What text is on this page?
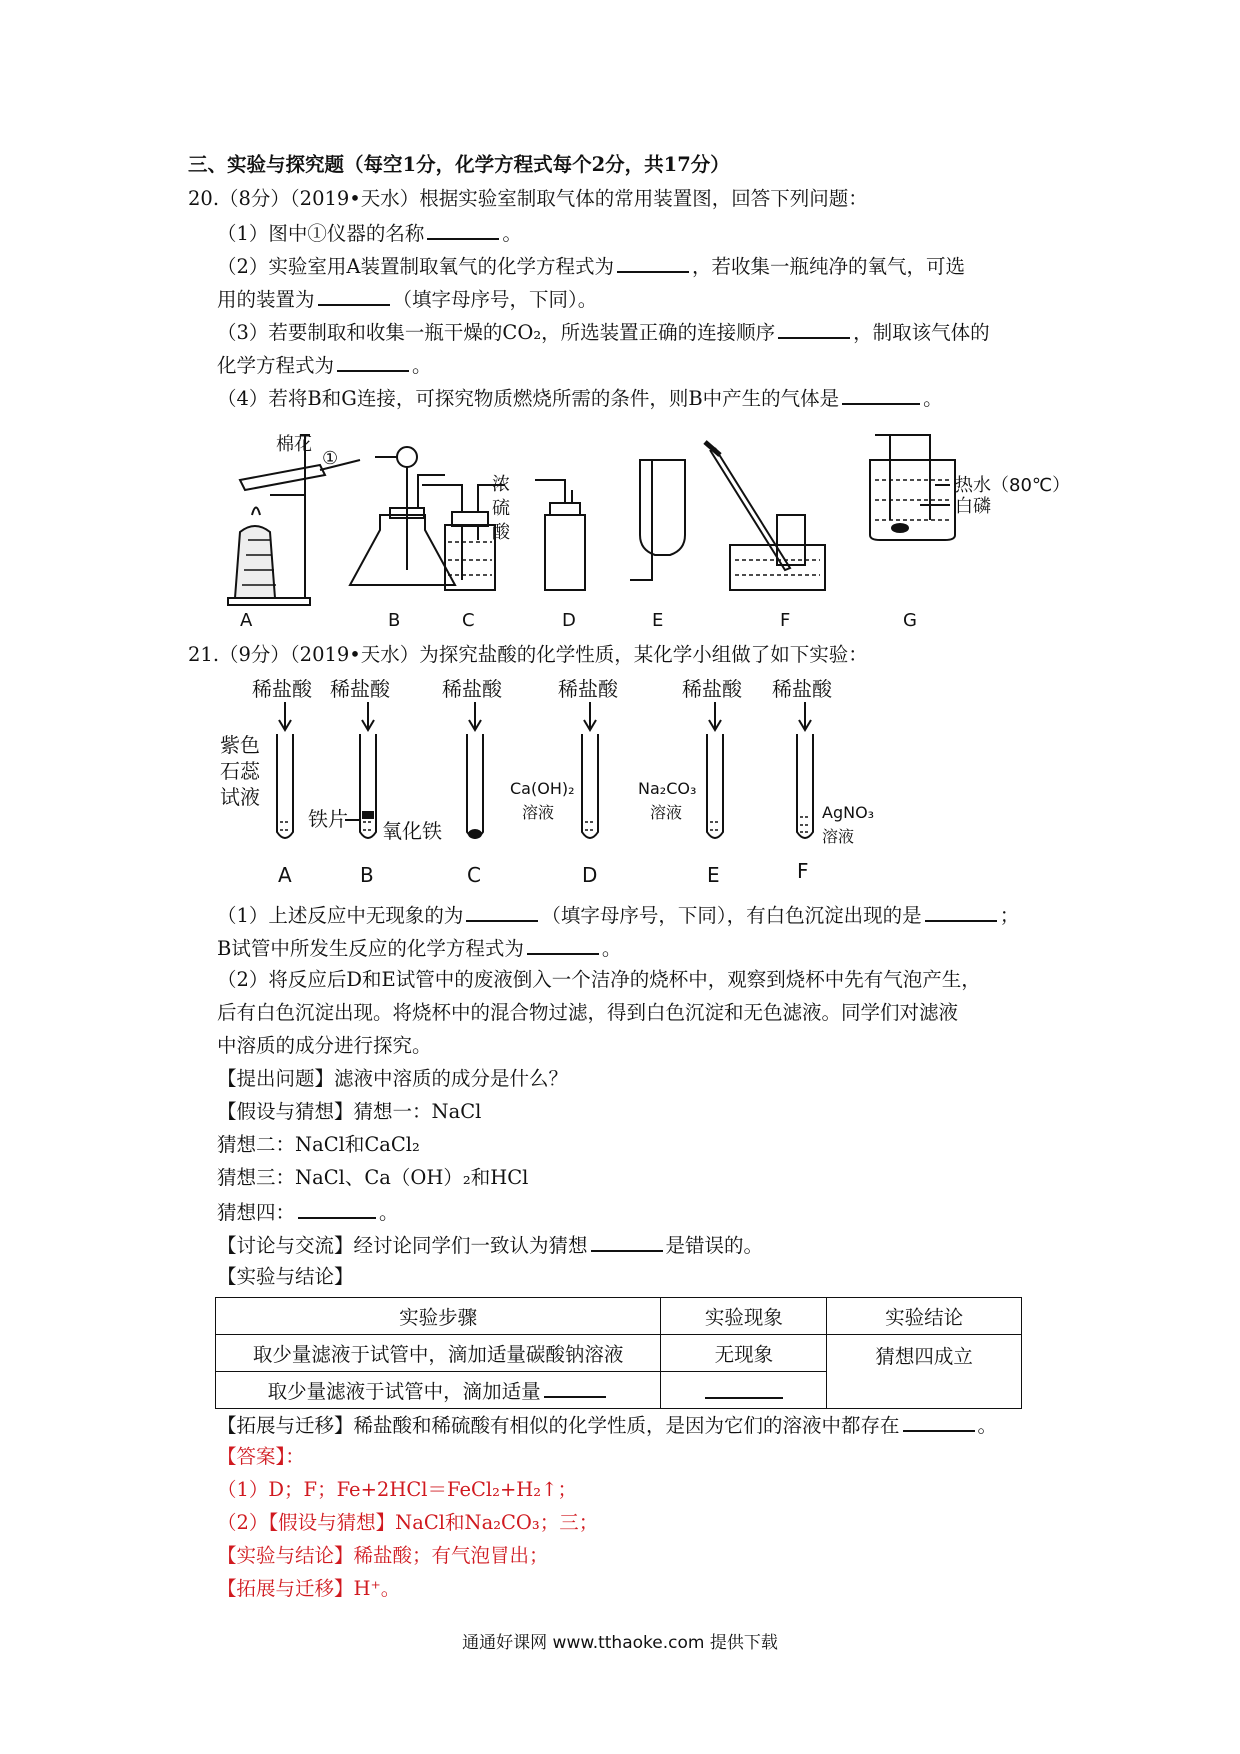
三、实验与探究题（每空1分，化学方程式每个2分，共17分）
20.（8分）（2019•天水）根据实验室制取气体的常用装置图，回答下列问题：
（1）图中①仪器的名称	。
（2）实验室用A装置制取氧气的化学方程式为	，若收集一瓶纯净的氧气，可选
用的装置为	（填字母序号，下同）。
（3）若要制取和收集一瓶干燥的CO₂，所选装置正确的连接顺序	，制取该气体的
化学方程式为	。
（4）若将B和G连接，可探究物质燃烧所需的条件，则B中产生的气体是	。
棉花
①
浓
硫
酸
热水（80℃）
白磷
A	B	C	D	E	F	G
21.（9分）（2019•天水）为探究盐酸的化学性质，某化学小组做了如下实验：
稀盐酸 稀盐酸	稀盐酸	稀盐酸	稀盐酸 稀盐酸
紫色
石蕊
试液
铁片 氧化铁
Ca(OH)₂
溶液
Na₂CO₃
溶液	AgNO₃
溶液
A	B	C	D	E	F
（1）上述反应中无现象的为	（填字母序号，下同），有白色沉淀出现的是	；
B试管中所发生反应的化学方程式为	。
（2）将反应后D和E试管中的废液倒入一个洁净的烧杯中，观察到烧杯中先有气泡产生，
后有白色沉淀出现。将烧杯中的混合物过滤，得到白色沉淀和无色滤液。同学们对滤液
中溶质的成分进行探究。
【提出问题】滤液中溶质的成分是什么？
【假设与猜想】猜想一：NaCl
猜想二：NaCl和CaCl₂
猜想三：NaCl、Ca（OH）₂和HCl
猜想四：	。
【讨论与交流】经讨论同学们一致认为猜想	是错误的。
【实验与结论】
实验步骤	实验现象	实验结论
取少量滤液于试管中，滴加适量碳酸钠溶液	无现象	猜想四成立
取少量滤液于试管中，滴加适量		
【拓展与迁移】稀盐酸和稀硫酸有相似的化学性质，是因为它们的溶液中都存在	。
【答案】：
（1）D；F；Fe+2HCl＝FeCl₂+H₂↑；
（2）【假设与猜想】NaCl和Na₂CO₃；三；
【实验与结论】稀盐酸；有气泡冒出；
【拓展与迁移】H⁺。
通通好课网 www.tthaoke.com 提供下载
